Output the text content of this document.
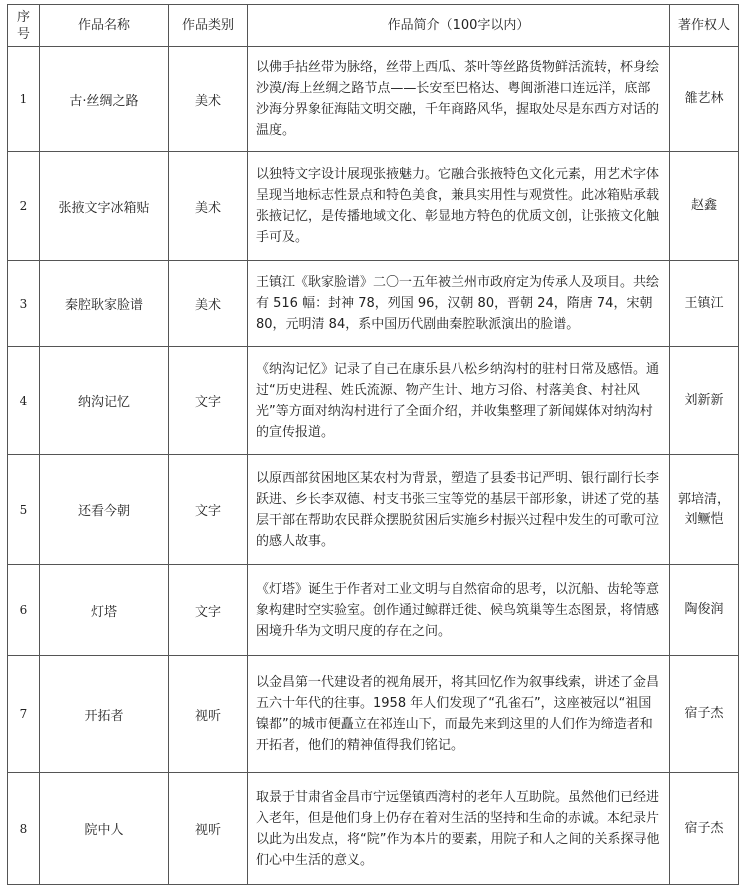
序号	作品名称	作品类别	作品简介（100字以内）	著作权人
1	古·丝绸之路	美术	以佛手拈丝带为脉络，丝带上西瓜、茶叶等丝路货物鲜活流转，杯身绘沙漠/海上丝绸之路节点——长安至巴格达、粤闽浙港口连远洋，底部沙海分界象征海陆文明交融，千年商路风华，握取处尽是东西方对话的温度。	雒艺林

2	张掖文字冰箱贴	美术	以独特文字设计展现张掖魅力。它融合张掖特色文化元素，用艺术字体呈现当地标志性景点和特色美食，兼具实用性与观赏性。此冰箱贴承载张掖记忆，是传播地域文化、彰显地方特色的优质文创，让张掖文化触手可及。	赵鑫

3	秦腔耿家脸谱	美术	王镇江《耿家脸谱》二〇一五年被兰州市政府定为传承人及项目。共绘有 516 幅：封神 78，列国 96，汉朝 80，晋朝 24，隋唐 74，宋朝 80，元明清 84，系中国历代剧曲秦腔耿派演出的脸谱。	王镇江

4	纳沟记忆	文字	《纳沟记忆》记录了自己在康乐县八松乡纳沟村的驻村日常及感悟。通过“历史进程、姓氏流源、物产生计、地方习俗、村落美食、村社风光”等方面对纳沟村进行了全面介绍，并收集整理了新闻媒体对纳沟村的宣传报道。	刘新新

5	还看今朝	文字	以原西部贫困地区某农村为背景，塑造了县委书记严明、银行副行长李跃进、乡长李双德、村支书张三宝等党的基层干部形象，讲述了党的基层干部在帮助农民群众摆脱贫困后实施乡村振兴过程中发生的可歌可泣的感人故事。	郭培清，
刘鳜恺

6	灯塔	文字	《灯塔》诞生于作者对工业文明与自然宿命的思考，以沉船、齿轮等意象构建时空实验室。创作通过鲸群迁徙、候鸟筑巢等生态图景，将情感困境升华为文明尺度的存在之问。	陶俊润

7	开拓者	视听	以金昌第一代建设者的视角展开，将其回忆作为叙事线索，讲述了金昌五六十年代的往事。1958 年人们发现了“孔雀石”，这座被冠以“祖国镍都”的城市便矗立在祁连山下，而最先来到这里的人们作为缔造者和开拓者，他们的精神值得我们铭记。	宿子杰

8	院中人	视听	取景于甘肃省金昌市宁远堡镇西湾村的老年人互助院。虽然他们已经进入老年，但是他们身上仍存在着对生活的坚持和生命的赤诚。本纪录片以此为出发点，将“院”作为本片的要素，用院子和人之间的关系探寻他们心中生活的意义。	宿子杰
